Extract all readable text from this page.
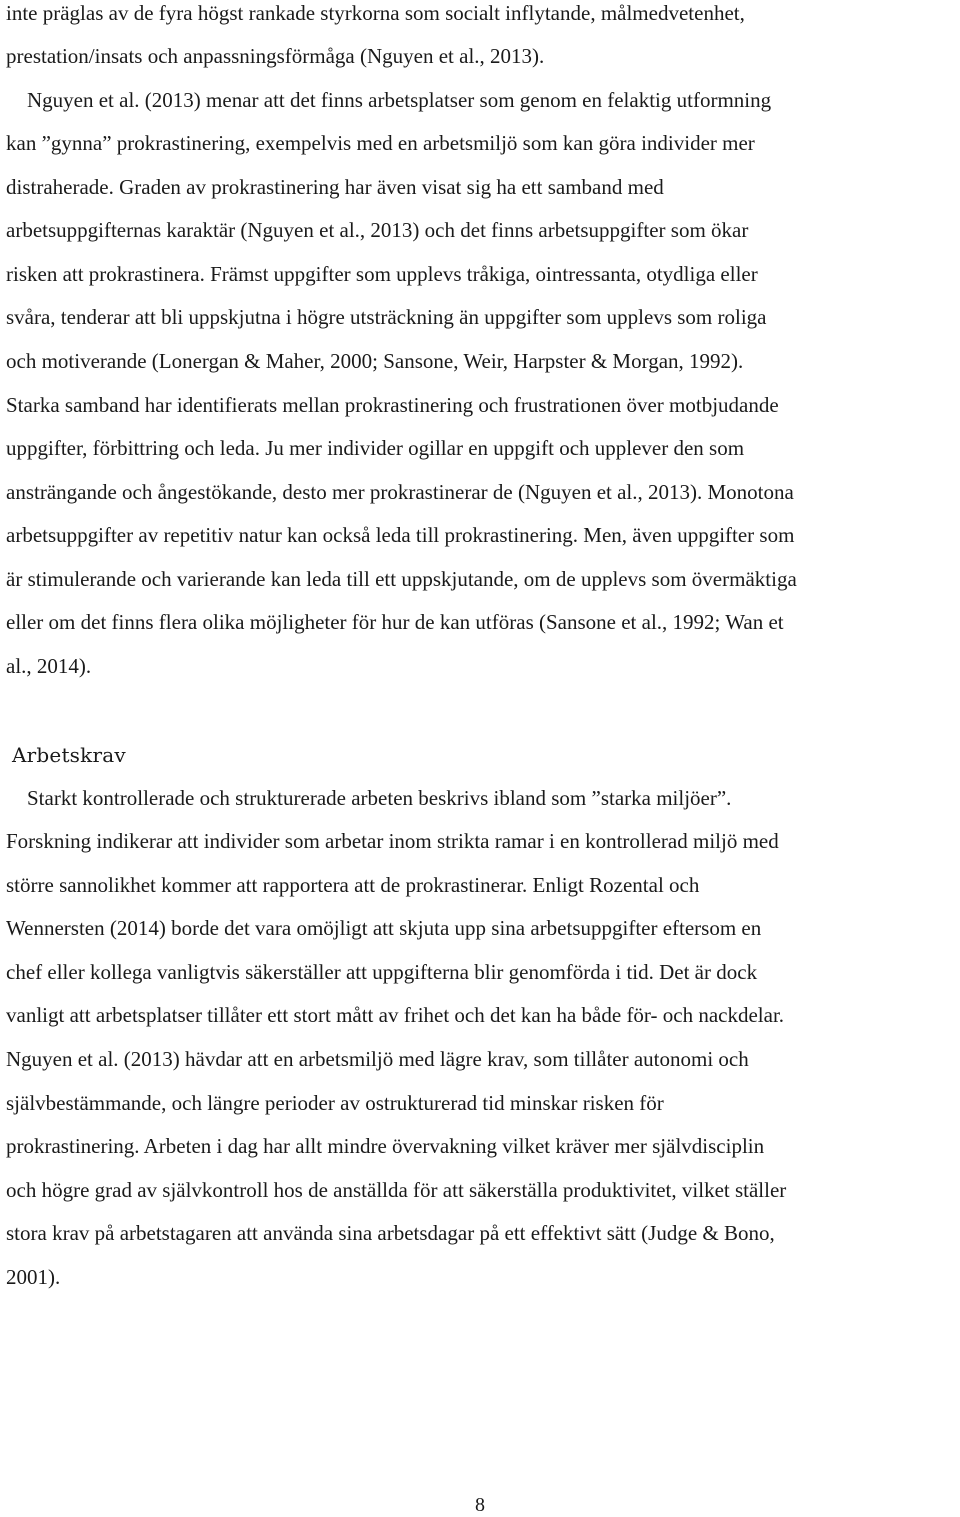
inte präglas av de fyra högst rankade styrkorna som socialt inflytande, målmedvetenhet,
prestation/insats och anpassningsförmåga (Nguyen et al., 2013).
Nguyen et al. (2013) menar att det finns arbetsplatser som genom en felaktig utformning
kan ”gynna” prokrastinering, exempelvis med en arbetsmiljö som kan göra individer mer
distraherade. Graden av prokrastinering har även visat sig ha ett samband med
arbetsuppgifternas karaktär (Nguyen et al., 2013) och det finns arbetsuppgifter som ökar
risken att prokrastinera. Främst uppgifter som upplevs tråkiga, ointressanta, otydliga eller
svåra, tenderar att bli uppskjutna i högre utsträckning än uppgifter som upplevs som roliga
och motiverande (Lonergan & Maher, 2000; Sansone, Weir, Harpster & Morgan, 1992).
Starka samband har identifierats mellan prokrastinering och frustrationen över motbjudande
uppgifter, förbittring och leda. Ju mer individer ogillar en uppgift och upplever den som
ansträngande och ångestökande, desto mer prokrastinerar de (Nguyen et al., 2013). Monotona
arbetsuppgifter av repetitiv natur kan också leda till prokrastinering. Men, även uppgifter som
är stimulerande och varierande kan leda till ett uppskjutande, om de upplevs som övermäktiga
eller om det finns flera olika möjligheter för hur de kan utföras (Sansone et al., 1992; Wan et
al., 2014).
Arbetskrav
Starkt kontrollerade och strukturerade arbeten beskrivs ibland som ”starka miljöer”.
Forskning indikerar att individer som arbetar inom strikta ramar i en kontrollerad miljö med
större sannolikhet kommer att rapportera att de prokrastinerar. Enligt Rozental och
Wennersten (2014) borde det vara omöjligt att skjuta upp sina arbetsuppgifter eftersom en
chef eller kollega vanligtvis säkerställer att uppgifterna blir genomförda i tid. Det är dock
vanligt att arbetsplatser tillåter ett stort mått av frihet och det kan ha både för- och nackdelar.
Nguyen et al. (2013) hävdar att en arbetsmiljö med lägre krav, som tillåter autonomi och
självbestämmande, och längre perioder av ostrukturerad tid minskar risken för
prokrastinering. Arbeten i dag har allt mindre övervakning vilket kräver mer självdisciplin
och högre grad av självkontroll hos de anställda för att säkerställa produktivitet, vilket ställer
stora krav på arbetstagaren att använda sina arbetsdagar på ett effektivt sätt (Judge & Bono,
2001).
8
